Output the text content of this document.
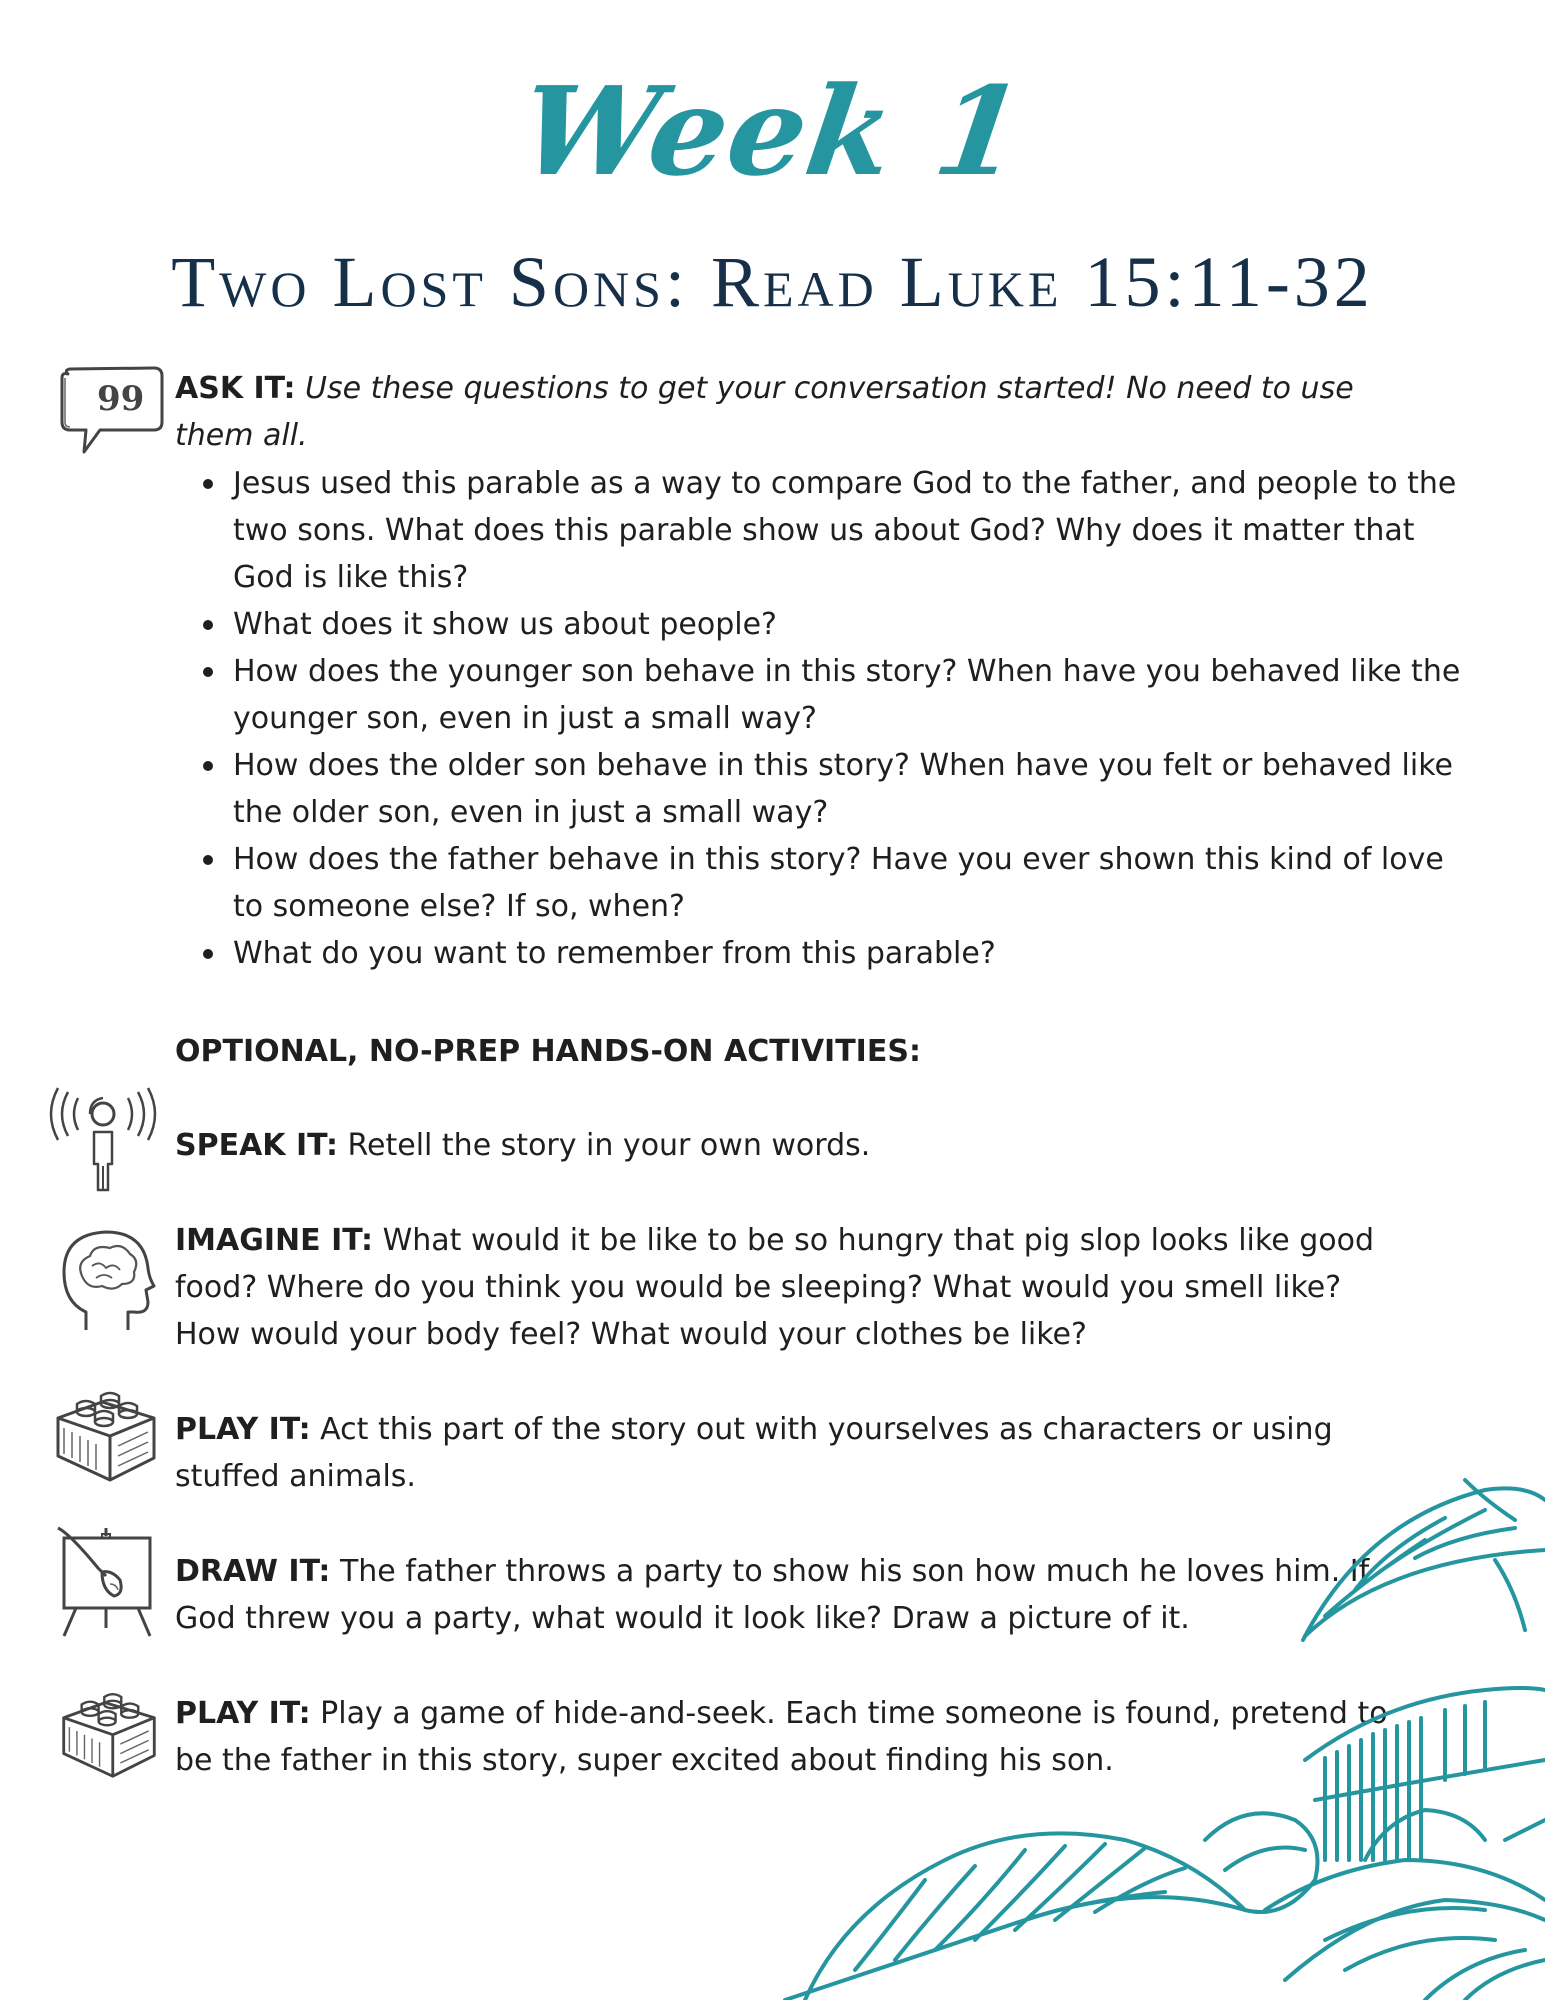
Week 1
Two Lost Sons: Read Luke 15:11-32
99 ASK IT: Use these questions to get your conversation started! No need to use them all.
Jesus used this parable as a way to compare God to the father, and people to the two sons. What does this parable show us about God? Why does it matter that God is like this?
What does it show us about people?
How does the younger son behave in this story? When have you behaved like the younger son, even in just a small way?
How does the older son behave in this story? When have you felt or behaved like the older son, even in just a small way?
How does the father behave in this story? Have you ever shown this kind of love to someone else? If so, when?
What do you want to remember from this parable?
OPTIONAL, NO-PREP HANDS-ON ACTIVITIES:
SPEAK IT: Retell the story in your own words.
IMAGINE IT: What would it be like to be so hungry that pig slop looks like good food? Where do you think you would be sleeping? What would you smell like? How would your body feel? What would your clothes be like?
PLAY IT: Act this part of the story out with yourselves as characters or using stuffed animals.
DRAW IT: The father throws a party to show his son how much he loves him. If God threw you a party, what would it look like? Draw a picture of it.
PLAY IT: Play a game of hide-and-seek. Each time someone is found, pretend to be the father in this story, super excited about finding his son.
